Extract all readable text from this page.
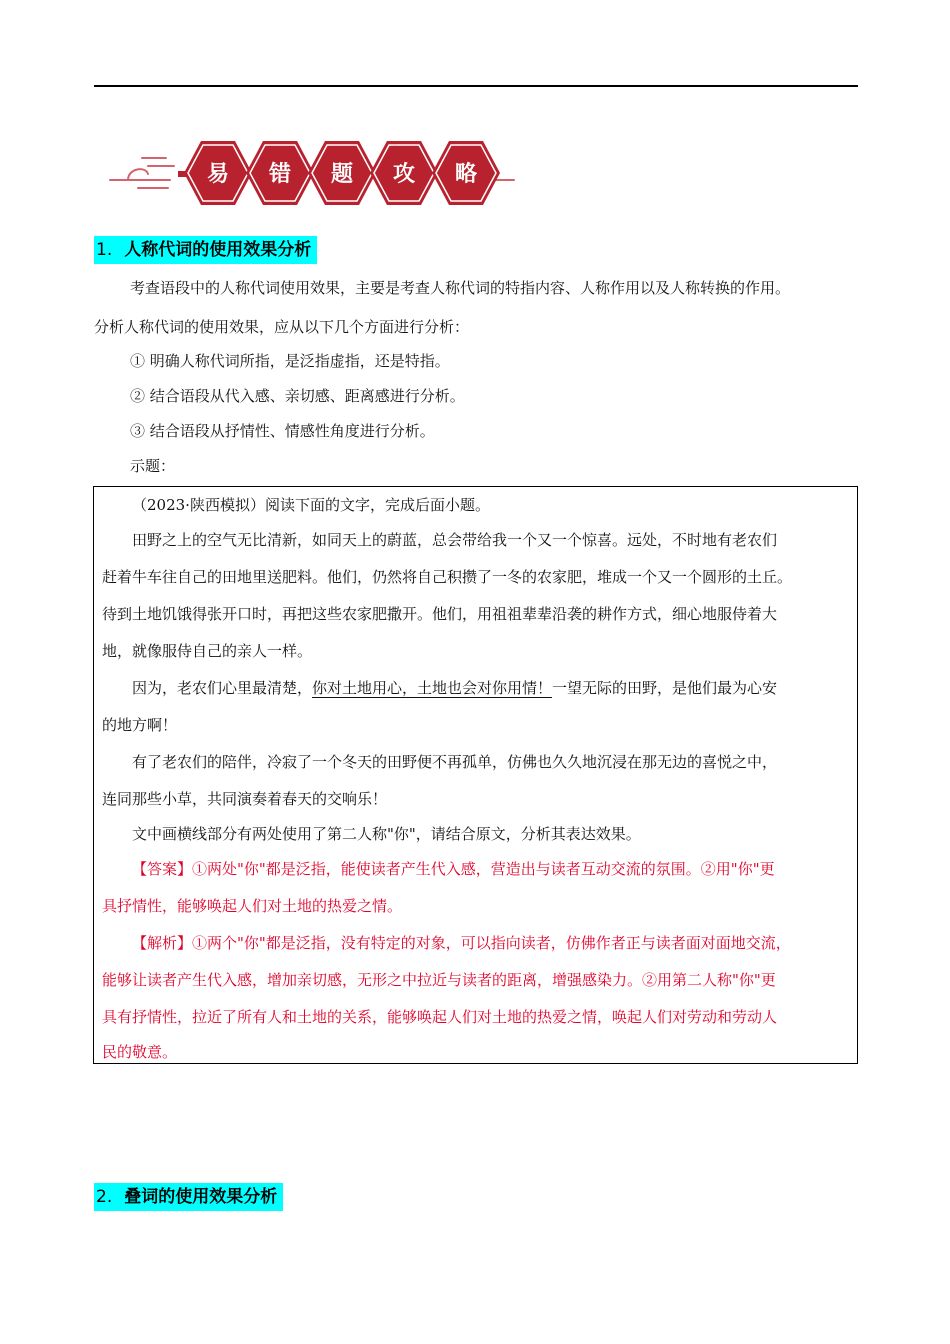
易 错 题 攻 略
1. 人称代词的使用效果分析

考查语段中的人称代词使用效果，主要是考查人称代词的特指内容、人称作用以及人称转换的作用。

分析人称代词的使用效果，应从以下几个方面进行分析：

① 明确人称代词所指，是泛指虚指，还是特指。

② 结合语段从代入感、亲切感、距离感进行分析。

③ 结合语段从抒情性、情感性角度进行分析。

示题：

（2023·陕西模拟）阅读下面的文字，完成后面小题。

田野之上的空气无比清新，如同天上的蔚蓝，总会带给我一个又一个惊喜。远处，不时地有老农们

赶着牛车往自己的田地里送肥料。他们，仍然将自己积攒了一冬的农家肥，堆成一个又一个圆形的土丘。

待到土地饥饿得张开口时，再把这些农家肥撒开。他们，用祖祖辈辈沿袭的耕作方式，细心地服侍着大

地，就像服侍自己的亲人一样。

因为，老农们心里最清楚，你对土地用心，土地也会对你用情！一望无际的田野，是他们最为心安

的地方啊！

有了老农们的陪伴，冷寂了一个冬天的田野便不再孤单，仿佛也久久地沉浸在那无边的喜悦之中，

连同那些小草，共同演奏着春天的交响乐！

文中画横线部分有两处使用了第二人称"你"，请结合原文，分析其表达效果。

【答案】①两处"你"都是泛指，能使读者产生代入感，营造出与读者互动交流的氛围。②用"你"更

具抒情性，能够唤起人们对土地的热爱之情。

【解析】①两个"你"都是泛指，没有特定的对象，可以指向读者，仿佛作者正与读者面对面地交流，

能够让读者产生代入感，增加亲切感，无形之中拉近与读者的距离，增强感染力。②用第二人称"你"更

具有抒情性，拉近了所有人和土地的关系，能够唤起人们对土地的热爱之情，唤起人们对劳动和劳动人

民的敬意。

2. 叠词的使用效果分析
